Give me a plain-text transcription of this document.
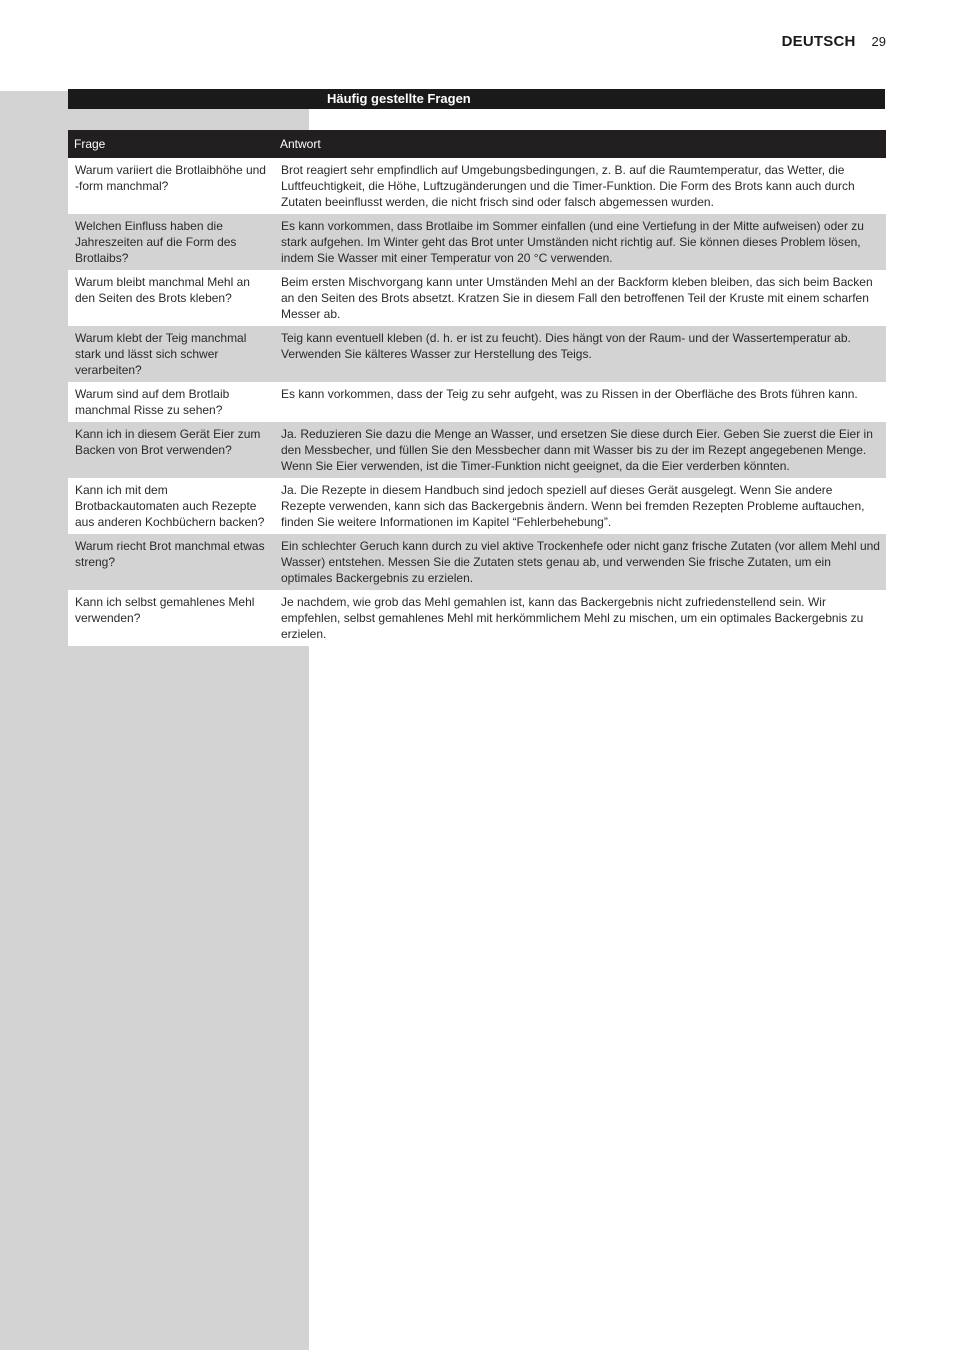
DEUTSCH 29
Häufig gestellte Fragen
Frage	Antwort
Warum variiert die Brotlaibhöhe und -form manchmal?	Brot reagiert sehr empfindlich auf Umgebungsbedingungen, z. B. auf die Raumtemperatur, das Wetter, die Luftfeuchtigkeit, die Höhe, Luftzugänderungen und die Timer-Funktion. Die Form des Brots kann auch durch Zutaten beeinflusst werden, die nicht frisch sind oder falsch abgemessen wurden.
Welchen Einfluss haben die Jahreszeiten auf die Form des Brotlaibs?	Es kann vorkommen, dass Brotlaibe im Sommer einfallen (und eine Vertiefung in der Mitte aufweisen) oder zu stark aufgehen. Im Winter geht das Brot unter Umständen nicht richtig auf. Sie können dieses Problem lösen, indem Sie Wasser mit einer Temperatur von 20 °C verwenden.
Warum bleibt manchmal Mehl an den Seiten des Brots kleben?	Beim ersten Mischvorgang kann unter Umständen Mehl an der Backform kleben bleiben, das sich beim Backen an den Seiten des Brots absetzt. Kratzen Sie in diesem Fall den betroffenen Teil der Kruste mit einem scharfen Messer ab.
Warum klebt der Teig manchmal stark und lässt sich schwer verarbeiten?	Teig kann eventuell kleben (d. h. er ist zu feucht). Dies hängt von der Raum- und der Wassertemperatur ab. Verwenden Sie kälteres Wasser zur Herstellung des Teigs.
Warum sind auf dem Brotlaib manchmal Risse zu sehen?	Es kann vorkommen, dass der Teig zu sehr aufgeht, was zu Rissen in der Oberfläche des Brots führen kann.
Kann ich in diesem Gerät Eier zum Backen von Brot verwenden?	Ja. Reduzieren Sie dazu die Menge an Wasser, und ersetzen Sie diese durch Eier. Geben Sie zuerst die Eier in den Messbecher, und füllen Sie den Messbecher dann mit Wasser bis zu der im Rezept angegebenen Menge. Wenn Sie Eier verwenden, ist die Timer-Funktion nicht geeignet, da die Eier verderben könnten.
Kann ich mit dem Brotbackautomaten auch Rezepte aus anderen Kochbüchern backen?	Ja. Die Rezepte in diesem Handbuch sind jedoch speziell auf dieses Gerät ausgelegt. Wenn Sie andere Rezepte verwenden, kann sich das Backergebnis ändern. Wenn bei fremden Rezepten Probleme auftauchen, finden Sie weitere Informationen im Kapitel “Fehlerbehebung”.
Warum riecht Brot manchmal etwas streng?	Ein schlechter Geruch kann durch zu viel aktive Trockenhefe oder nicht ganz frische Zutaten (vor allem Mehl und Wasser) entstehen. Messen Sie die Zutaten stets genau ab, und verwenden Sie frische Zutaten, um ein optimales Backergebnis zu erzielen.
Kann ich selbst gemahlenes Mehl verwenden?	Je nachdem, wie grob das Mehl gemahlen ist, kann das Backergebnis nicht zufriedenstellend sein. Wir empfehlen, selbst gemahlenes Mehl mit herkömmlichem Mehl zu mischen, um ein optimales Backergebnis zu erzielen.
